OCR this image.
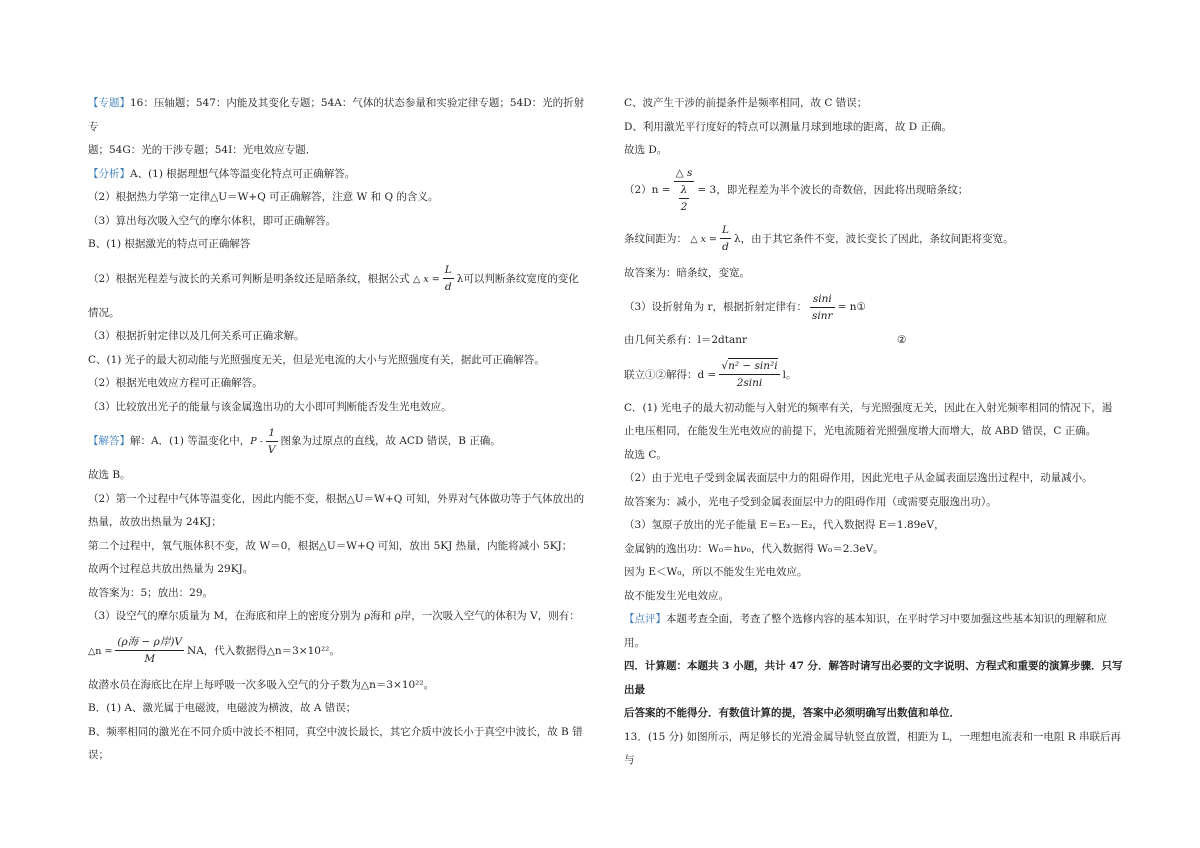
【专题】16：压轴题；547：内能及其变化专题；54A：气体的状态参量和实验定律专题；54D：光的折射专

题；54G：光的干涉专题；54I：光电效应专题．

【分析】A、(1) 根据理想气体等温变化特点可正确解答。

（2）根据热力学第一定律△U＝W+Q 可正确解答，注意 W 和 Q 的含义。

（3）算出每次吸入空气的摩尔体积，即可正确解答。

B、(1) 根据激光的特点可正确解答

（2）根据光程差与波长的关系可判断是明条纹还是暗条纹，根据公式 △ $x = \frac{L}{d}$ λ可以判断条纹宽度的变化

情况。

（3）根据折射定律以及几何关系可正确求解。

C、(1) 光子的最大初动能与光照强度无关，但是光电流的大小与光照强度有关，据此可正确解答。

（2）根据光电效应方程可正确解答。

（3）比较放出光子的能量与该金属逸出功的大小即可判断能否发生光电效应。

【解答】解：A．(1) 等温变化中，P - $\frac{1}{V}$ 图象为过原点的直线，故 ACD 错误，B 正确。

故选 B。

（2）第一个过程中气体等温变化，因此内能不变，根据△U＝W+Q 可知，外界对气体做功等于气体放出的

热量，故放出热量为 24KJ；

第二个过程中，氧气瓶体积不变，故 W＝0，根据△U＝W+Q 可知，放出 5KJ 热量，内能将减小 5KJ；

故两个过程总共放出热量为 29KJ。

故答案为：5；放出：29。

（3）设空气的摩尔质量为 M，在海底和岸上的密度分别为 ρ海和 ρ岸，一次吸入空气的体积为 V，则有：

△n = $\frac{\text{(ρ海 − ρ岸)V}}{M}$ NA，代入数据得△n＝3×10²²。

故潜水员在海底比在岸上每呼吸一次多吸入空气的分子数为△n＝3×10²²。

B．(1) A、激光属于电磁波，电磁波为横波，故 A 错误；

B、频率相同的激光在不同介质中波长不相同，真空中波长最长，其它介质中波长小于真空中波长，故 B 错

误；

C、波产生干涉的前提条件是频率相同，故 C 错误；

D、利用激光平行度好的特点可以测量月球到地球的距离，故 D 正确。

故选 D。

$(2)n = \frac{\triangle s}{\frac{\lambda}{2}} = 3$，即光程差为半个波长的奇数倍，因此将出现暗条纹；

条纹间距为： △ $x = \frac{L}{d}$ λ，由于其它条件不变，波长变长了因此，条纹间距将变宽。

故答案为：暗条纹，变宽。

（3）设折射角为 r，根据折射定律有： $\frac{\sin i}{\sin r}$ = n①

由几何关系有：l＝2dtanr	②

联立①②解得：$d = \frac{\text{√n² − sin²i}}{2\sin i}$ l。

C．(1) 光电子的最大初动能与入射光的频率有关，与光照强度无关，因此在入射光频率相同的情况下，遏

止电压相同，在能发生光电效应的前提下，光电流随着光照强度增大而增大，故 ABD 错误，C 正确。

故选 C。

（2）由于光电子受到金属表面层中力的阻碍作用，因此光电子从金属表面层逸出过程中，动量减小。

故答案为：减小，光电子受到金属表面层中力的阻碍作用（或需要克服逸出功）。

（3）氢原子放出的光子能量 E＝E₃－E₂，代入数据得 E＝1.89eV，

金属钠的逸出功：W₀＝hν₀，代入数据得 W₀＝2.3eV。

因为 E＜W₀，所以不能发生光电效应。

故不能发生光电效应。

【点评】本题考查全面，考查了整个选修内容的基本知识，在平时学习中要加强这些基本知识的理解和应

用。

四．计算题：本题共 3 小题，共计 47 分．解答时请写出必要的文字说明、方程式和重要的演算步骤．只写出最

后答案的不能得分．有数值计算的提，答案中必须明确写出数值和单位．

13．(15 分) 如图所示，两足够长的光滑金属导轨竖直放置，相距为 L，一理想电流表和一电阻 R 串联后再与
